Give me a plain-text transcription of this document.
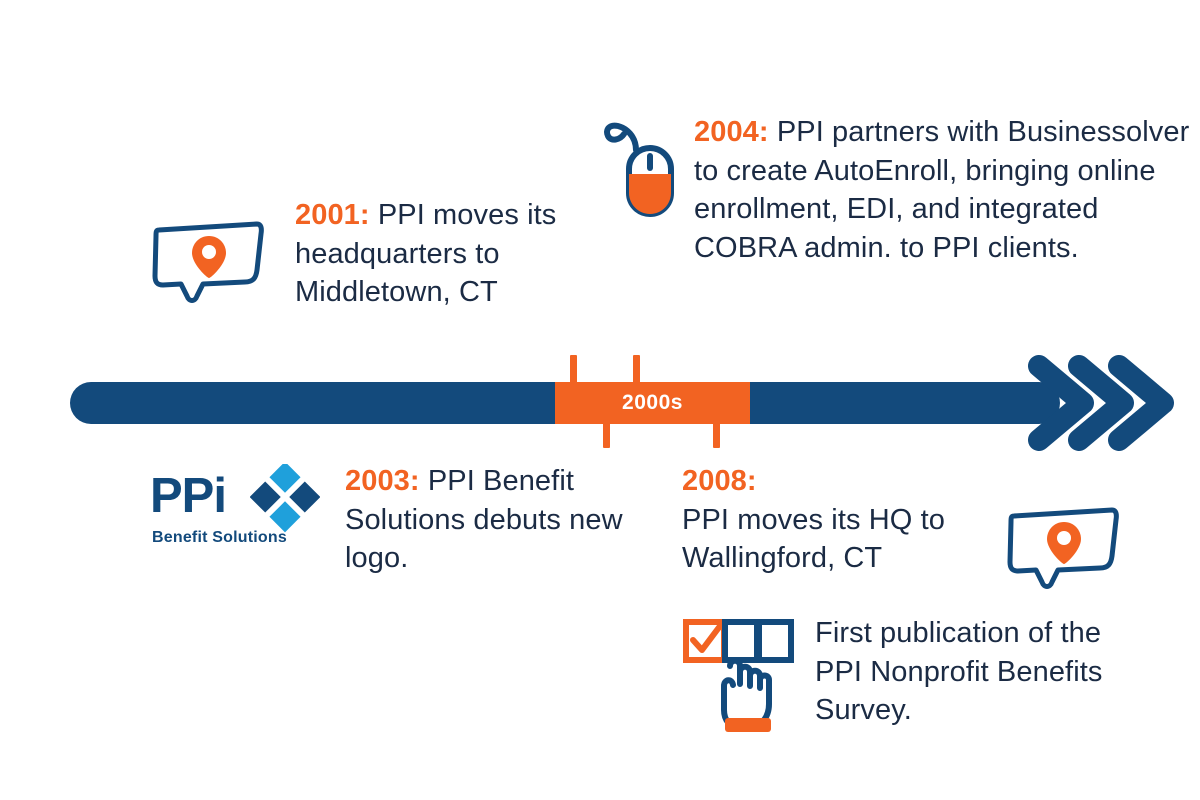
2000s
2001: PPI moves its headquarters to Middletown, CT
2004: PPI partners with Businessolver to create AutoEnroll, bringing online enrollment, EDI, and integrated COBRA admin. to PPI clients.
PPi
Benefit Solutions
2003: PPI Benefit Solutions debuts new logo.
2008:
PPI moves its HQ to Wallingford, CT
First publication of the PPI Nonprofit Benefits Survey.
